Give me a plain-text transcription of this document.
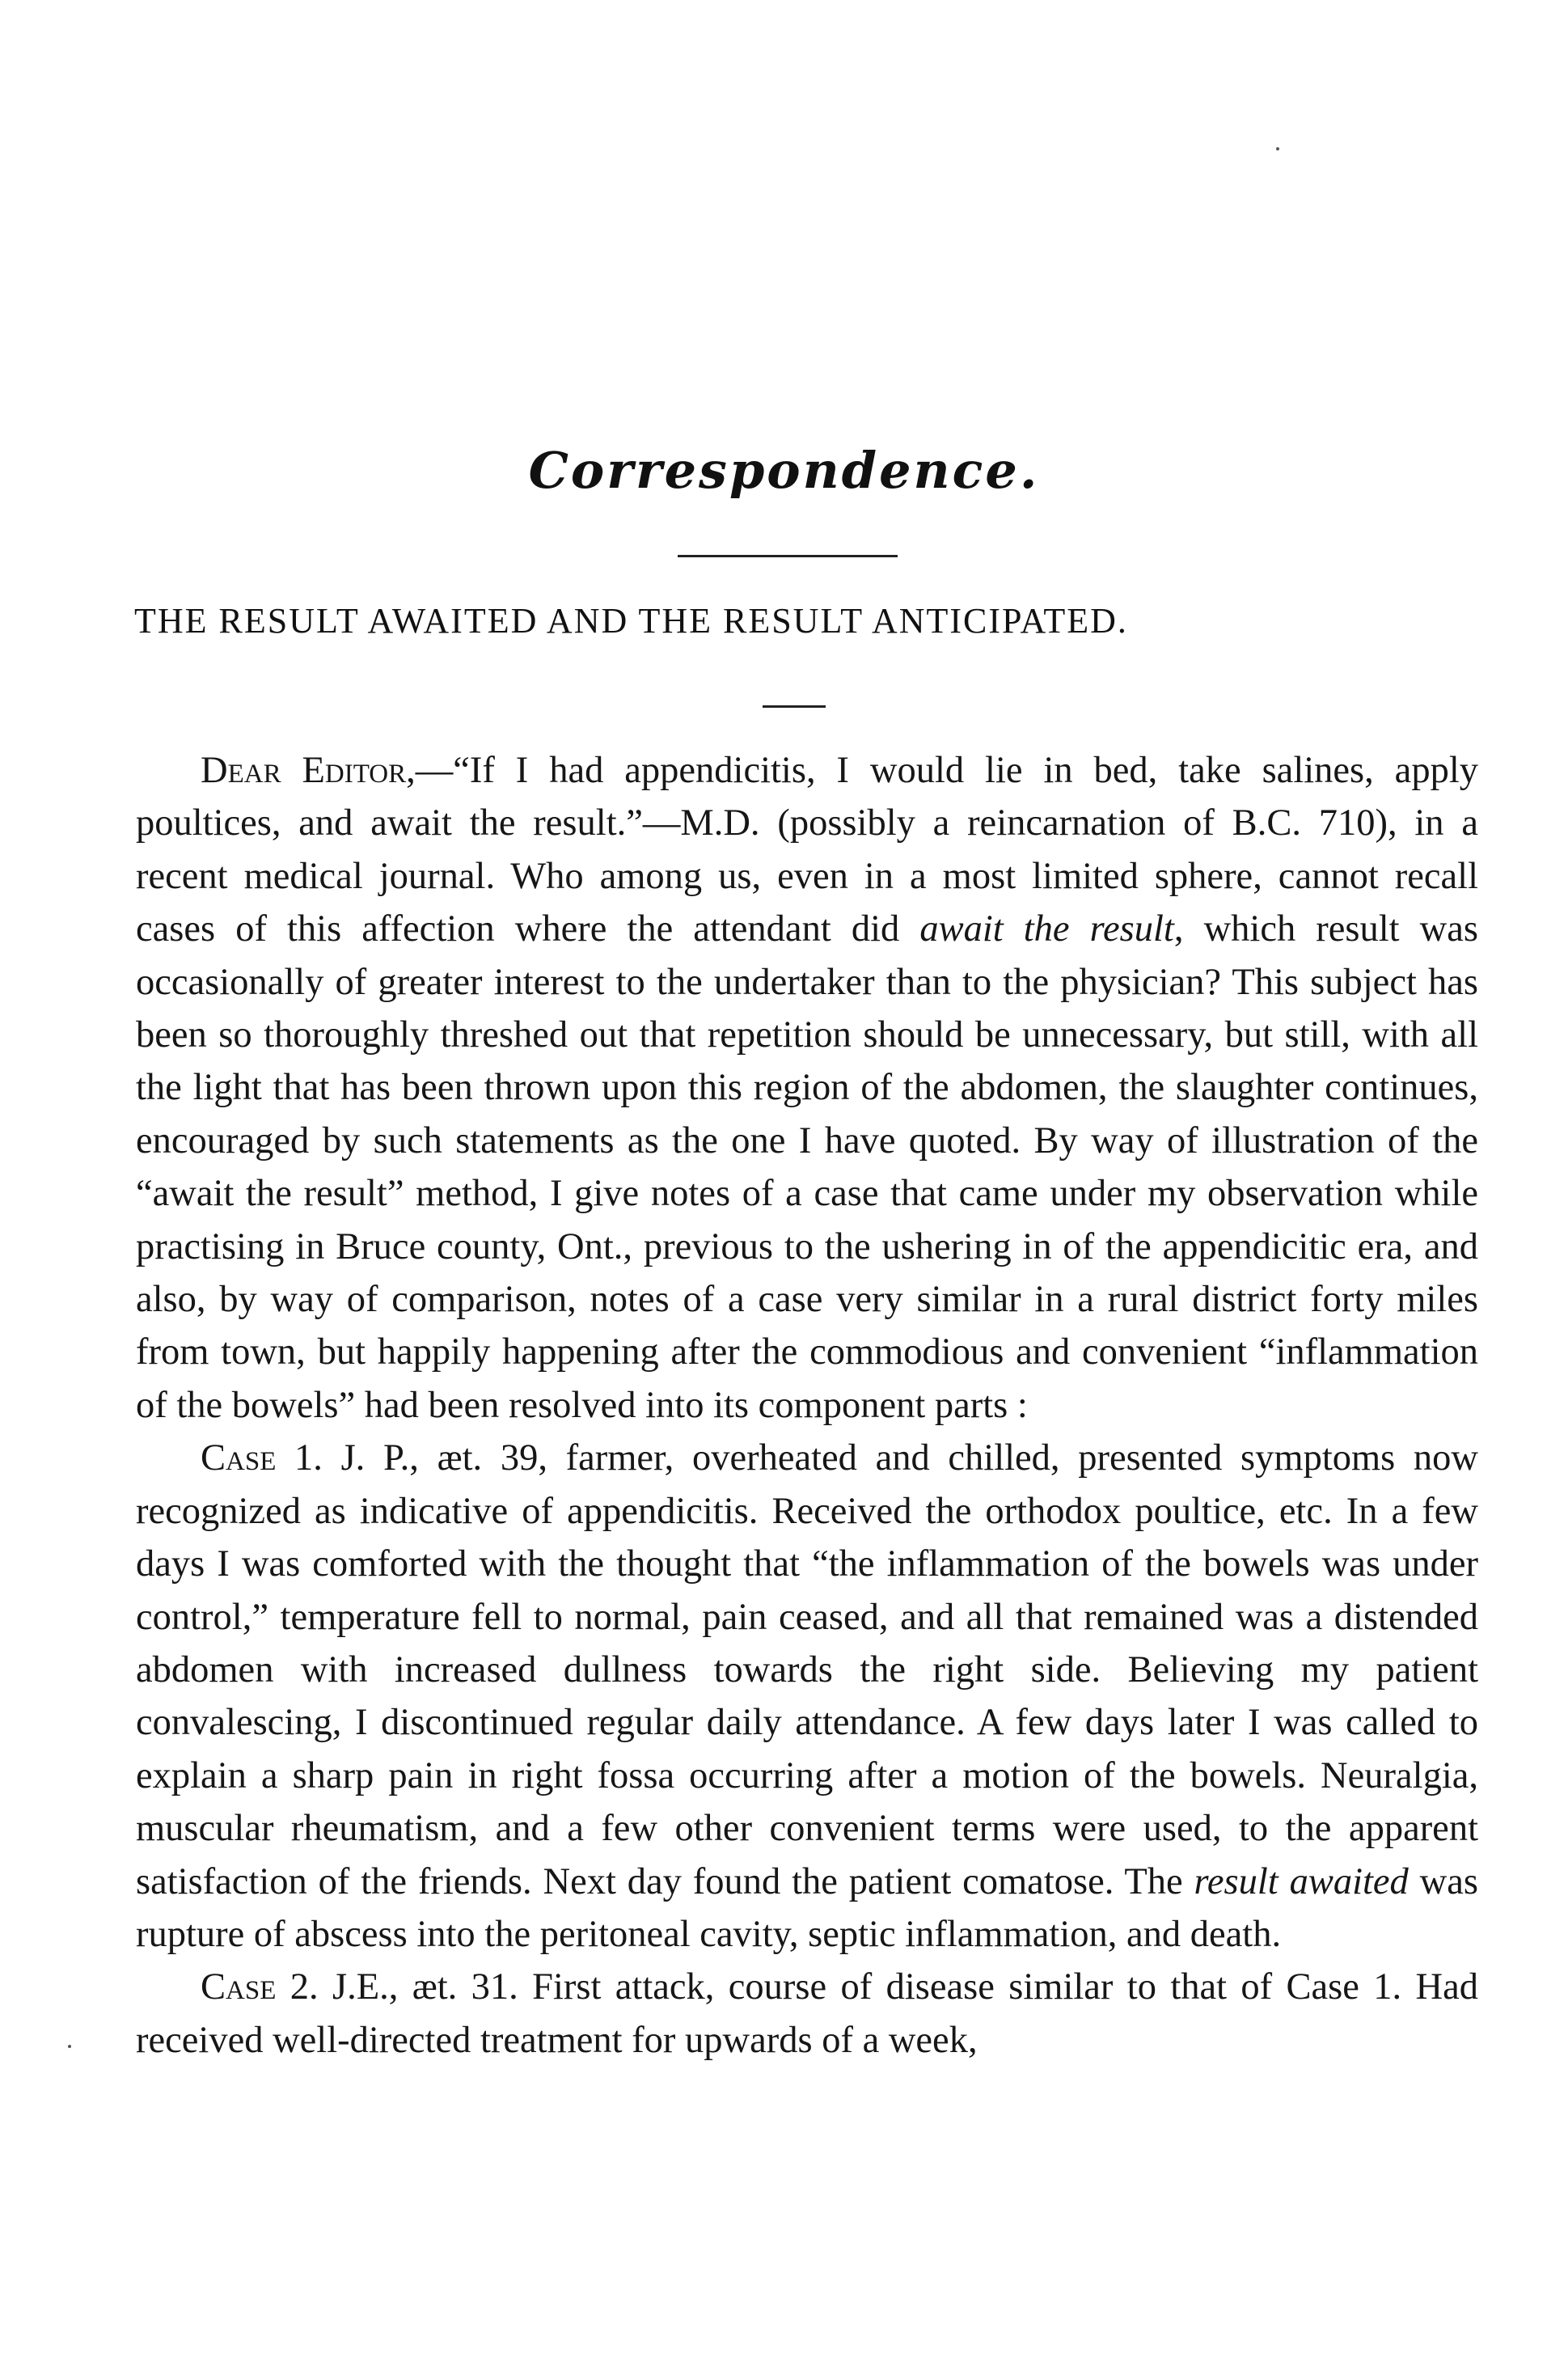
Correspondence.
THE RESULT AWAITED AND THE RESULT ANTICIPATED.

Dear Editor,—“If I had appendicitis, I would lie in bed, take salines, apply poultices, and await the result.”—M.D. (possibly a reincarnation of B.C. 710), in a recent medical journal. Who among us, even in a most limited sphere, cannot recall cases of this affection where the attendant did await the result, which result was occasionally of greater interest to the undertaker than to the physician? This subject has been so thoroughly threshed out that repetition should be unnecessary, but still, with all the light that has been thrown upon this region of the abdomen, the slaughter continues, encouraged by such statements as the one I have quoted. By way of illustration of the “await the result” method, I give notes of a case that came under my observation while practising in Bruce county, Ont., previous to the ushering in of the appendicitic era, and also, by way of comparison, notes of a case very similar in a rural district forty miles from town, but happily happening after the commodious and convenient “inflammation of the bowels” had been resolved into its component parts :

Case 1. J. P., æt. 39, farmer, overheated and chilled, presented symptoms now recognized as indicative of appendicitis. Received the orthodox poultice, etc. In a few days I was comforted with the thought that “the inflammation of the bowels was under control,” temperature fell to normal, pain ceased, and all that remained was a distended abdomen with increased dullness towards the right side. Believing my patient convalescing, I discontinued regular daily attendance. A few days later I was called to explain a sharp pain in right fossa occurring after a motion of the bowels. Neuralgia, muscular rheumatism, and a few other convenient terms were used, to the apparent satisfaction of the friends. Next day found the patient comatose. The result awaited was rupture of abscess into the peritoneal cavity, septic inflammation, and death.

Case 2. J.E., æt. 31. First attack, course of disease similar to that of Case 1. Had received well-directed treatment for upwards of a week,
